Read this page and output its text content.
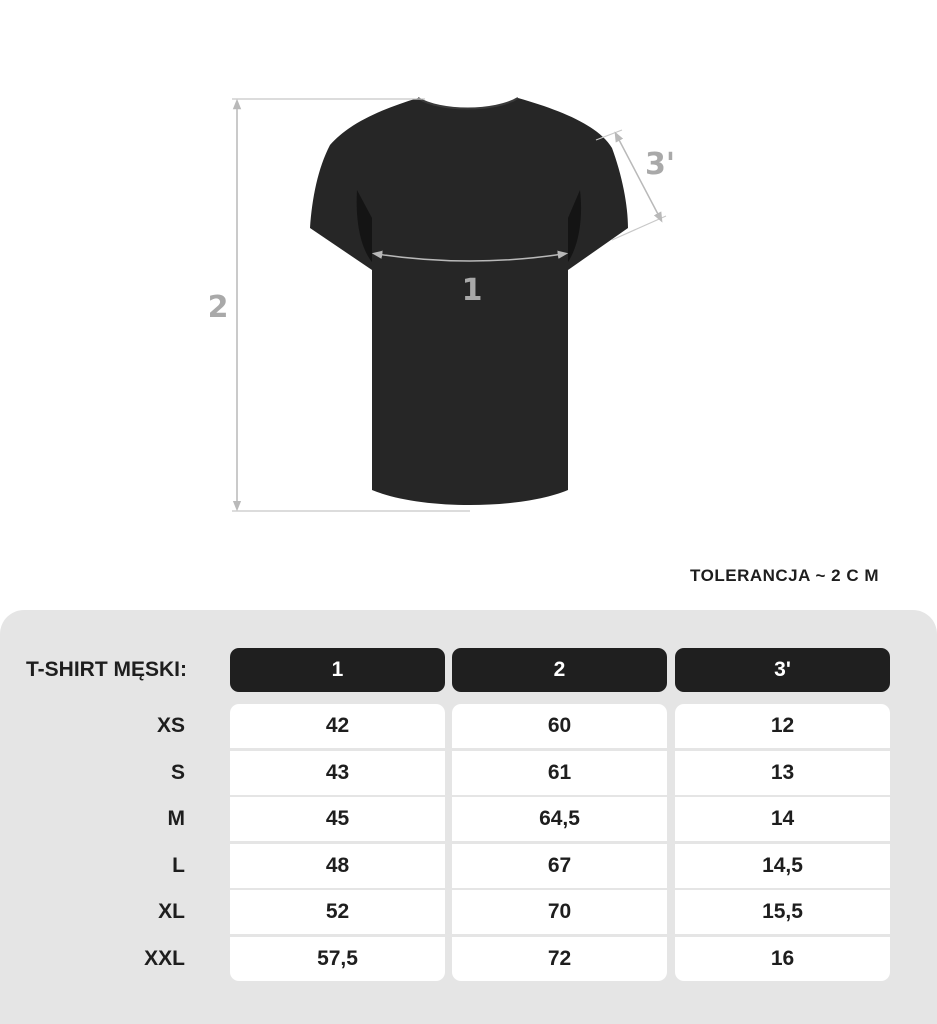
2	1
3'
TOLERANCJA ~ 2 C M
T-SHIRT MĘSKI:	1	2	3'
XS	42	60	12
S	43	61	13
M	45	64,5	14
L	48	67	14,5
XL	52	70	15,5
XXL	57,5	72	16
